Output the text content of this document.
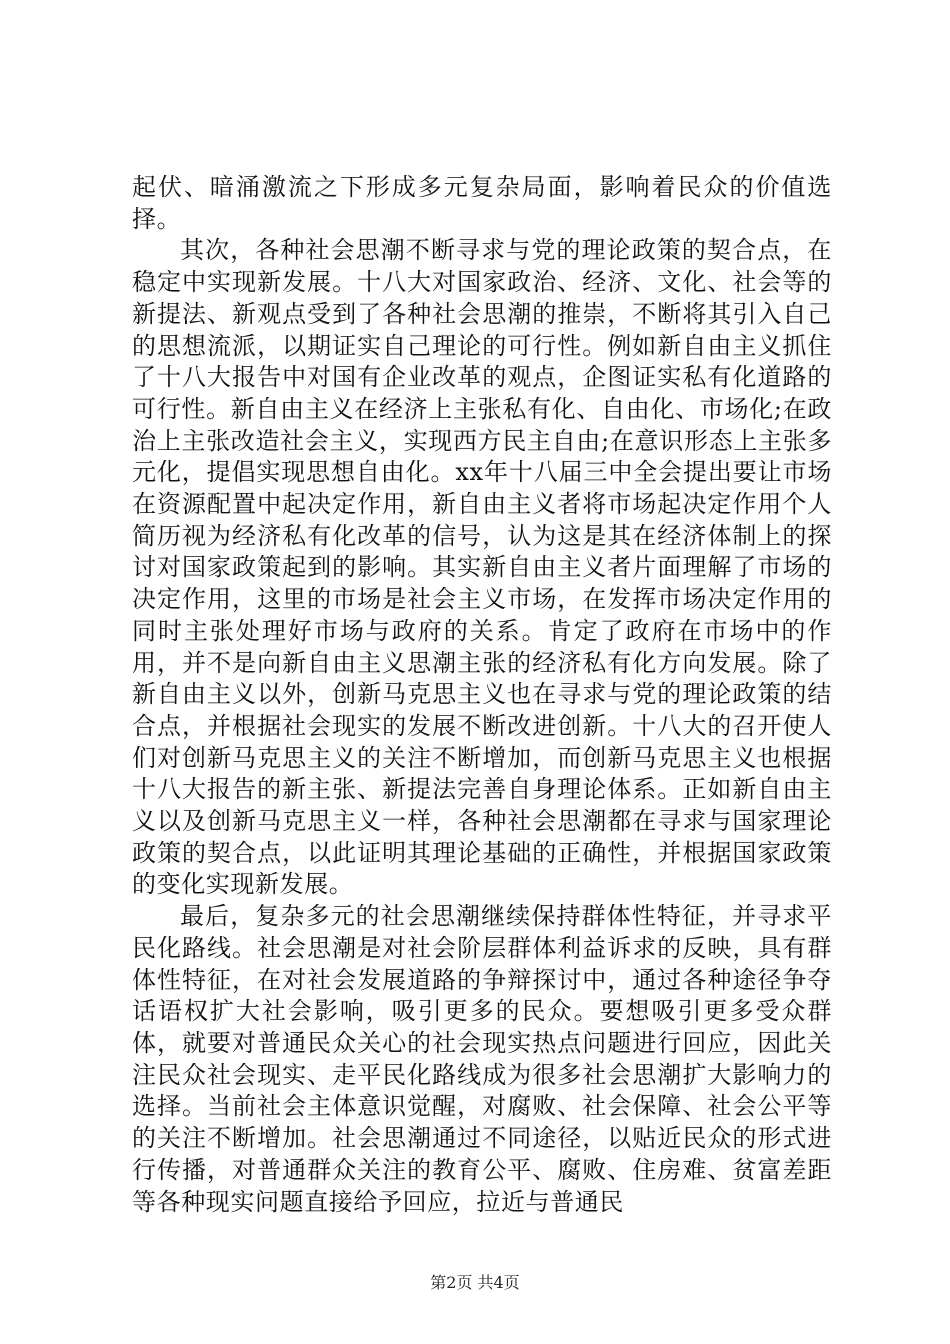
起伏、暗涌激流之下形成多元复杂局面，影响着民众的价值选择。

其次，各种社会思潮不断寻求与党的理论政策的契合点，在稳定中实现新发展。十八大对国家政治、经济、文化、社会等的新提法、新观点受到了各种社会思潮的推崇，不断将其引入自己的思想流派，以期证实自己理论的可行性。例如新自由主义抓住了十八大报告中对国有企业改革的观点，企图证实私有化道路的可行性。新自由主义在经济上主张私有化、自由化、市场化;在政治上主张改造社会主义，实现西方民主自由;在意识形态上主张多元化，提倡实现思想自由化。xx年十八届三中全会提出要让市场在资源配置中起决定作用，新自由主义者将市场起决定作用个人简历视为经济私有化改革的信号，认为这是其在经济体制上的探讨对国家政策起到的影响。其实新自由主义者片面理解了市场的决定作用，这里的市场是社会主义市场，在发挥市场决定作用的同时主张处理好市场与政府的关系。肯定了政府在市场中的作用，并不是向新自由主义思潮主张的经济私有化方向发展。除了新自由主义以外，创新马克思主义也在寻求与党的理论政策的结合点，并根据社会现实的发展不断改进创新。十八大的召开使人们对创新马克思主义的关注不断增加，而创新马克思主义也根据十八大报告的新主张、新提法完善自身理论体系。正如新自由主义以及创新马克思主义一样，各种社会思潮都在寻求与国家理论政策的契合点，以此证明其理论基础的正确性，并根据国家政策的变化实现新发展。

最后，复杂多元的社会思潮继续保持群体性特征，并寻求平民化路线。社会思潮是对社会阶层群体利益诉求的反映，具有群体性特征，在对社会发展道路的争辩探讨中，通过各种途径争夺话语权扩大社会影响，吸引更多的民众。要想吸引更多受众群体，就要对普通民众关心的社会现实热点问题进行回应，因此关注民众社会现实、走平民化路线成为很多社会思潮扩大影响力的选择。当前社会主体意识觉醒，对腐败、社会保障、社会公平等的关注不断增加。社会思潮通过不同途径，以贴近民众的形式进行传播，对普通群众关注的教育公平、腐败、住房难、贫富差距等各种现实问题直接给予回应，拉近与普通民

第2页 共4页
